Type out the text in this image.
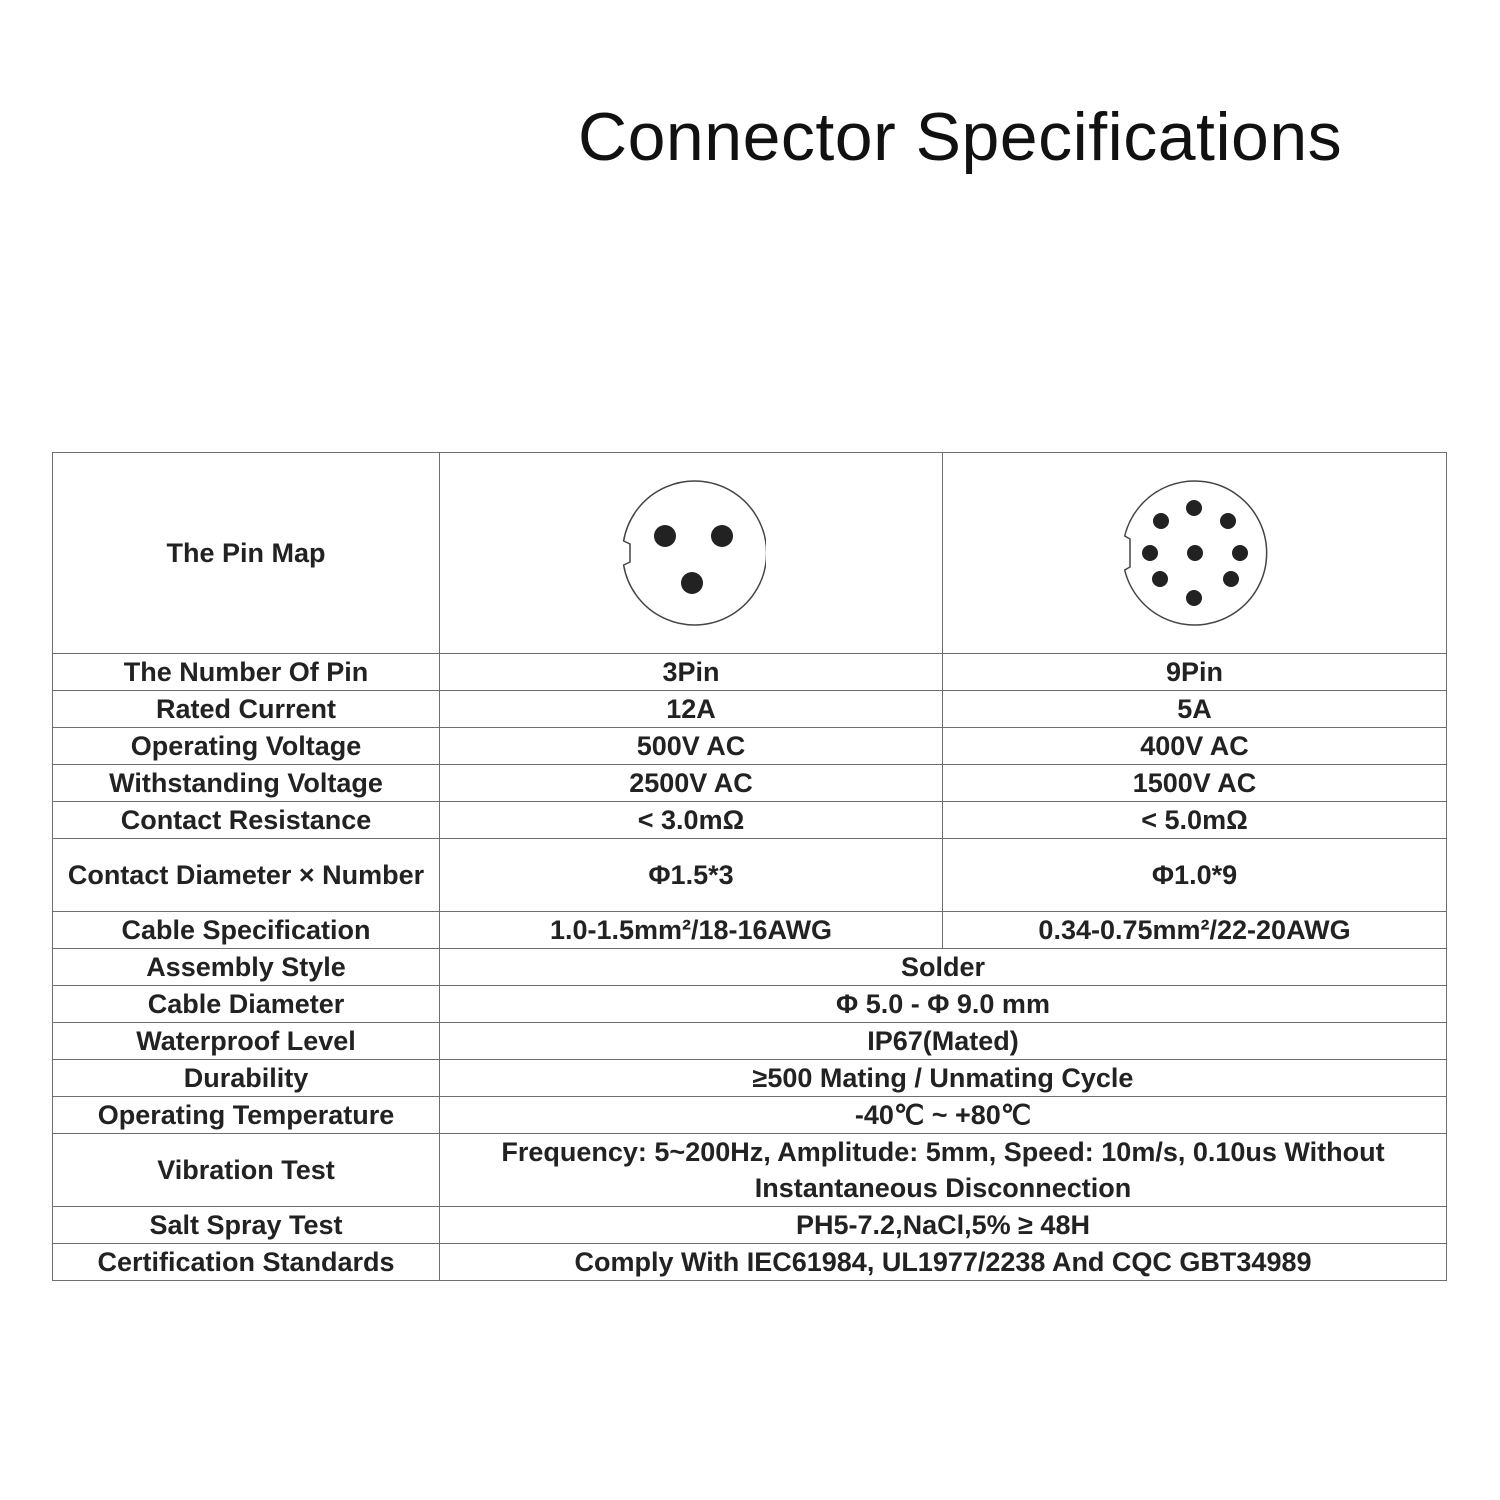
Connector Specifications
The Pin Map	

The Number Of Pin	3Pin	9Pin
Rated Current	12A	5A
Operating Voltage	500V AC	400V AC
Withstanding Voltage	2500V AC	1500V AC
Contact Resistance	< 3.0mΩ	< 5.0mΩ
Contact Diameter × Number	Φ1.5*3	Φ1.0*9
Cable Specification	1.0-1.5mm²/18-16AWG	0.34-0.75mm²/22-20AWG
Assembly Style	Solder	
Cable Diameter	Φ 5.0 - Φ 9.0 mm	
Waterproof Level	IP67(Mated)	
Durability	≥500 Mating / Unmating Cycle	
Operating Temperature	-40℃ ~ +80℃	
Vibration Test	Frequency: 5~200Hz, Amplitude: 5mm, Speed: 10m/s, 0.10us Without Instantaneous Disconnection	
Salt Spray Test	PH5-7.2,NaCl,5% ≥ 48H	
Certification Standards	Comply With IEC61984, UL1977/2238 And CQC GBT34989	
